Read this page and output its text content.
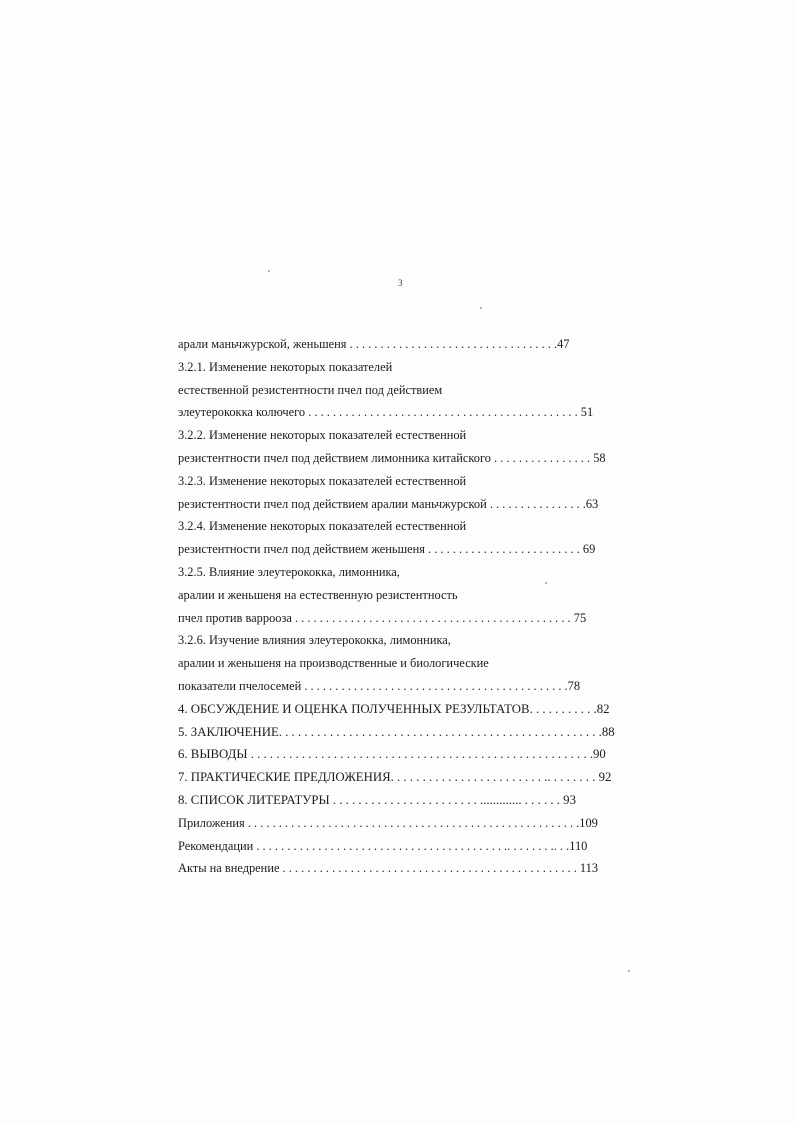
3
арали маньчжурской, женьшеня . . . . . . . . . . . . . . . . . . . . . . . . . . . . . . . . . .47
3.2.1. Изменение некоторых показателей
естественной резистентности пчел под действием
элеутерококка колючего . . . . . . . . . . . . . . . . . . . . . . . . . . . . . . . . . . . . . . . . . . . . 51
3.2.2. Изменение некоторых показателей естественной
резистентности пчел под действием лимонника китайского . . . . . . . . . . . . . . . . 58
3.2.3. Изменение некоторых показателей естественной
резистентности пчел под действием аралии маньчжурской . . . . . . . . . . . . . . . .63
3.2.4. Изменение некоторых показателей естественной
резистентности пчел под действием женьшеня . . . . . . . . . . . . . . . . . . . . . . . . . 69
3.2.5. Влияние элеутерококка, лимонника,
аралии и женьшеня на естественную резистентность
пчел против варрооза . . . . . . . . . . . . . . . . . . . . . . . . . . . . . . . . . . . . . . . . . . . . . 75
3.2.6. Изучение влияния элеутерококка, лимонника,
аралии и женьшеня на производственные и биологические
показатели пчелосемей . . . . . . . . . . . . . . . . . . . . . . . . . . . . . . . . . . . . . . . . . . .78
4. ОБСУЖДЕНИЕ И ОЦЕНКА ПОЛУЧЕННЫХ РЕЗУЛЬТАТОВ. . . . . . . . . . .82
5. ЗАКЛЮЧЕНИЕ. . . . . . . . . . . . . . . . . . . . . . . . . . . . . . . . . . . . . . . . . . . . . . . . . . .88
6. ВЫВОДЫ . . . . . . . . . . . . . . . . . . . . . . . . . . . . . . . . . . . . . . . . . . . . . . . . . . . . . .90
7. ПРАКТИЧЕСКИЕ ПРЕДЛОЖЕНИЯ. . . . . . . . . . . . . . . . . . . . . . . . .. . . . . . . . 92
8. СПИСОК ЛИТЕРАТУРЫ . . . . . . . . . . . . . . . . . . . . . . . ............. . . . . . . 93
Приложения . . . . . . . . . . . . . . . . . . . . . . . . . . . . . . . . . . . . . . . . . . . . . . . . . . . . . .109
Рекомендации . . . . . . . . . . . . . . . . . . . . . . . . . . . . . . . . . . . . . . . . .. . . . . . . .. . .110
Акты на внедрение . . . . . . . . . . . . . . . . . . . . . . . . . . . . . . . . . . . . . . . . . . . . . . . . 113
